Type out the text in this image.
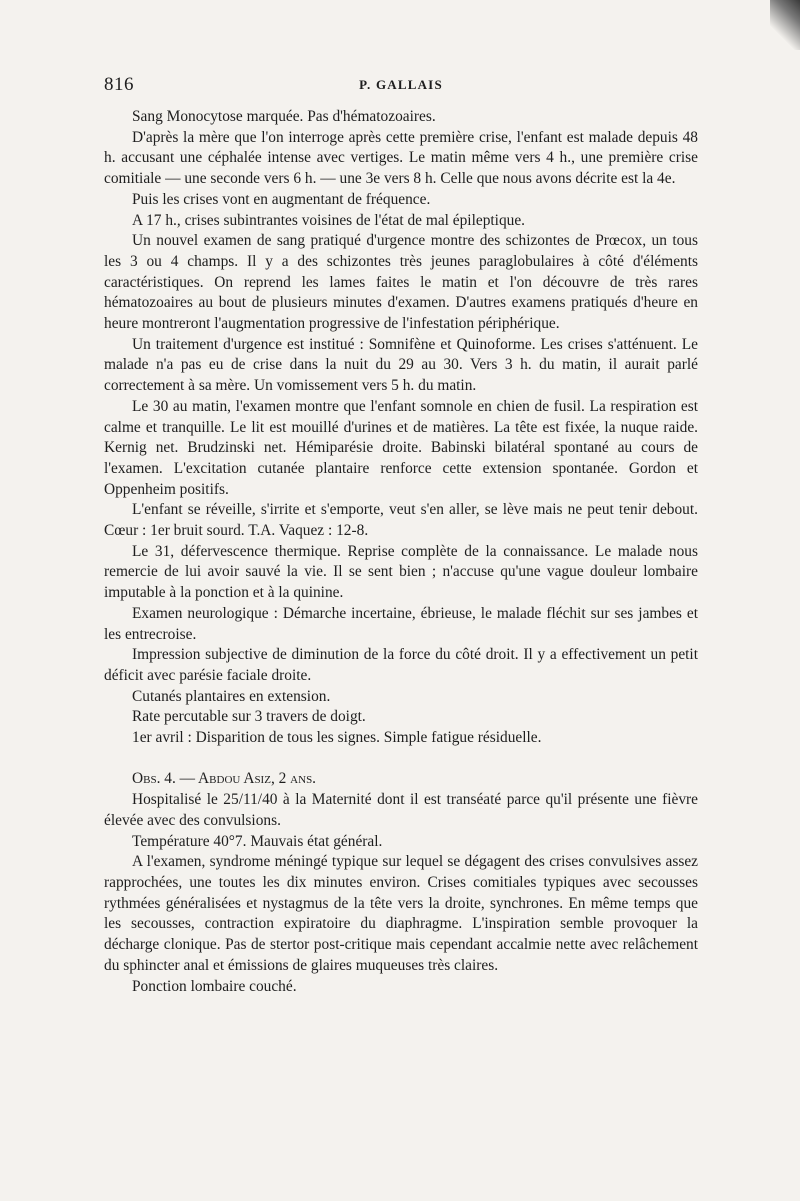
816	P. GALLAIS

Sang Monocytose marquée. Pas d'hématozoaires.

D'après la mère que l'on interroge après cette première crise, l'enfant est malade depuis 48 h. accusant une céphalée intense avec vertiges. Le matin même vers 4 h., une première crise comitiale — une seconde vers 6 h. — une 3e vers 8 h. Celle que nous avons décrite est la 4e.

Puis les crises vont en augmentant de fréquence.

A 17 h., crises subintrantes voisines de l'état de mal épileptique.

Un nouvel examen de sang pratiqué d'urgence montre des schizontes de Prœcox, un tous les 3 ou 4 champs. Il y a des schizontes très jeunes paraglobulaires à côté d'éléments caractéristiques. On reprend les lames faites le matin et l'on découvre de très rares hématozoaires au bout de plusieurs minutes d'examen. D'autres examens pratiqués d'heure en heure montreront l'augmentation progressive de l'infestation périphérique.

Un traitement d'urgence est institué : Somnifène et Quinoforme. Les crises s'atténuent. Le malade n'a pas eu de crise dans la nuit du 29 au 30. Vers 3 h. du matin, il aurait parlé correctement à sa mère. Un vomissement vers 5 h. du matin.

Le 30 au matin, l'examen montre que l'enfant somnole en chien de fusil. La respiration est calme et tranquille. Le lit est mouillé d'urines et de matières. La tête est fixée, la nuque raide. Kernig net. Brudzinski net. Hémiparésie droite. Babinski bilatéral spontané au cours de l'examen. L'excitation cutanée plantaire renforce cette extension spontanée. Gordon et Oppenheim positifs.

L'enfant se réveille, s'irrite et s'emporte, veut s'en aller, se lève mais ne peut tenir debout. Cœur : 1er bruit sourd. T.A. Vaquez : 12-8.

Le 31, défervescence thermique. Reprise complète de la connaissance. Le malade nous remercie de lui avoir sauvé la vie. Il se sent bien ; n'accuse qu'une vague douleur lombaire imputable à la ponction et à la quinine.

Examen neurologique : Démarche incertaine, ébrieuse, le malade fléchit sur ses jambes et les entrecroise.

Impression subjective de diminution de la force du côté droit. Il y a effectivement un petit déficit avec parésie faciale droite.

Cutanés plantaires en extension.

Rate percutable sur 3 travers de doigt.

1er avril : Disparition de tous les signes. Simple fatigue résiduelle.

Obs. 4. — Abdou Asiz, 2 ans.

Hospitalisé le 25/11/40 à la Maternité dont il est transéaté parce qu'il présente une fièvre élevée avec des convulsions.

Température 40°7. Mauvais état général.

A l'examen, syndrome méningé typique sur lequel se dégagent des crises convulsives assez rapprochées, une toutes les dix minutes environ. Crises comitiales typiques avec secousses rythmées généralisées et nystagmus de la tête vers la droite, synchrones. En même temps que les secousses, contraction expiratoire du diaphragme. L'inspiration semble provoquer la décharge clonique. Pas de stertor post-critique mais cependant accalmie nette avec relâchement du sphincter anal et émissions de glaires muqueuses très claires.

Ponction lombaire couché.
